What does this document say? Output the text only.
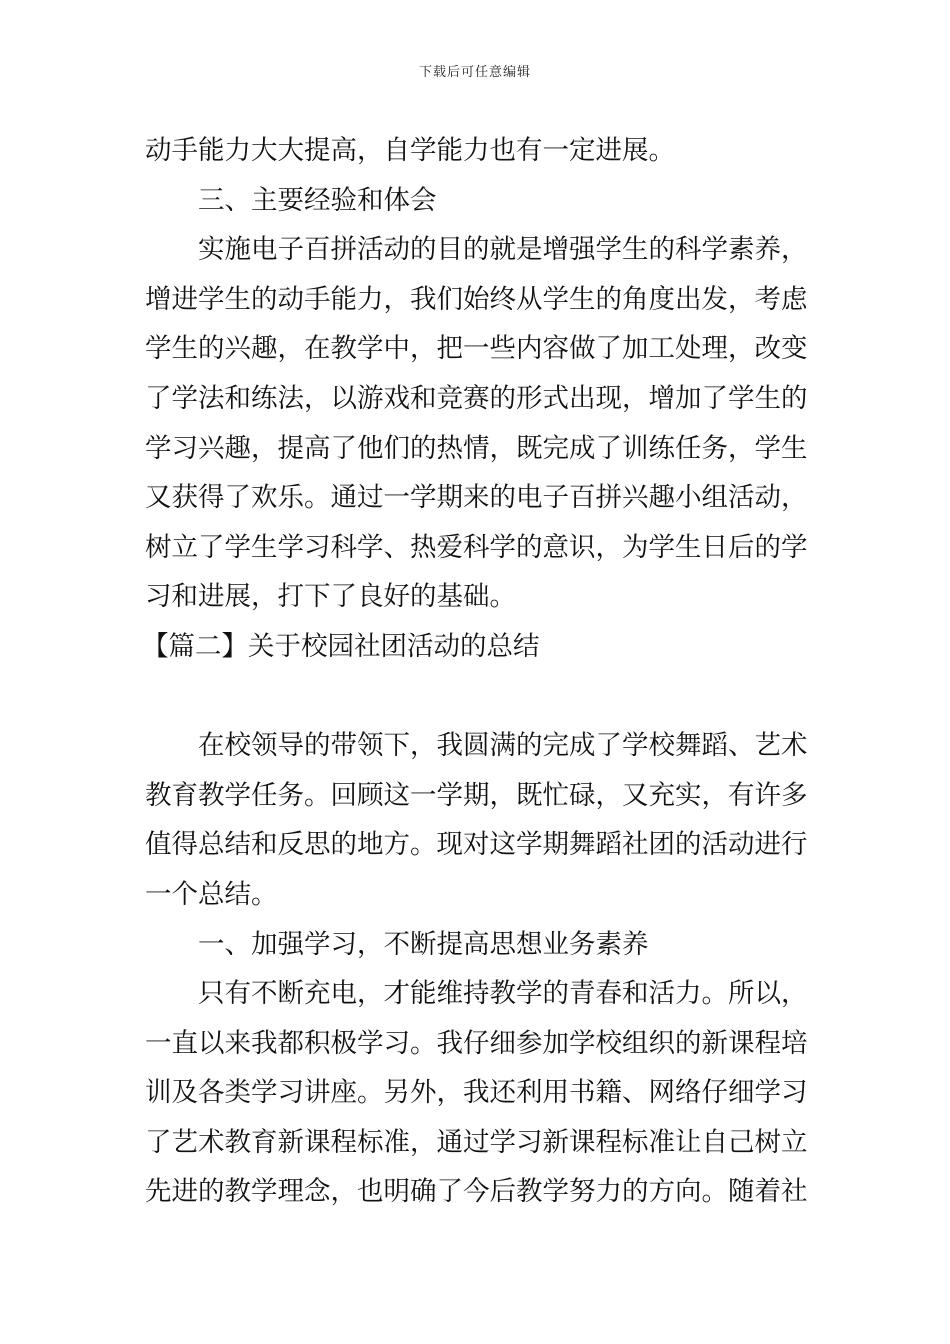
下载后可任意编辑
动手能力大大提高，自学能力也有一定进展。
三、主要经验和体会
实施电子百拼活动的目的就是增强学生的科学素养，
增进学生的动手能力，我们始终从学生的角度出发，考虑
学生的兴趣，在教学中，把一些内容做了加工处理，改变
了学法和练法，以游戏和竞赛的形式出现，增加了学生的
学习兴趣，提高了他们的热情，既完成了训练任务，学生
又获得了欢乐。通过一学期来的电子百拼兴趣小组活动，
树立了学生学习科学、热爱科学的意识，为学生日后的学
习和进展，打下了良好的基础。
【篇二】关于校园社团活动的总结
在校领导的带领下，我圆满的完成了学校舞蹈、艺术
教育教学任务。回顾这一学期，既忙碌，又充实，有许多
值得总结和反思的地方。现对这学期舞蹈社团的活动进行
一个总结。
一、加强学习，不断提高思想业务素养
只有不断充电，才能维持教学的青春和活力。所以，
一直以来我都积极学习。我仔细参加学校组织的新课程培
训及各类学习讲座。另外，我还利用书籍、网络仔细学习
了艺术教育新课程标准，通过学习新课程标准让自己树立
先进的教学理念，也明确了今后教学努力的方向。随着社
